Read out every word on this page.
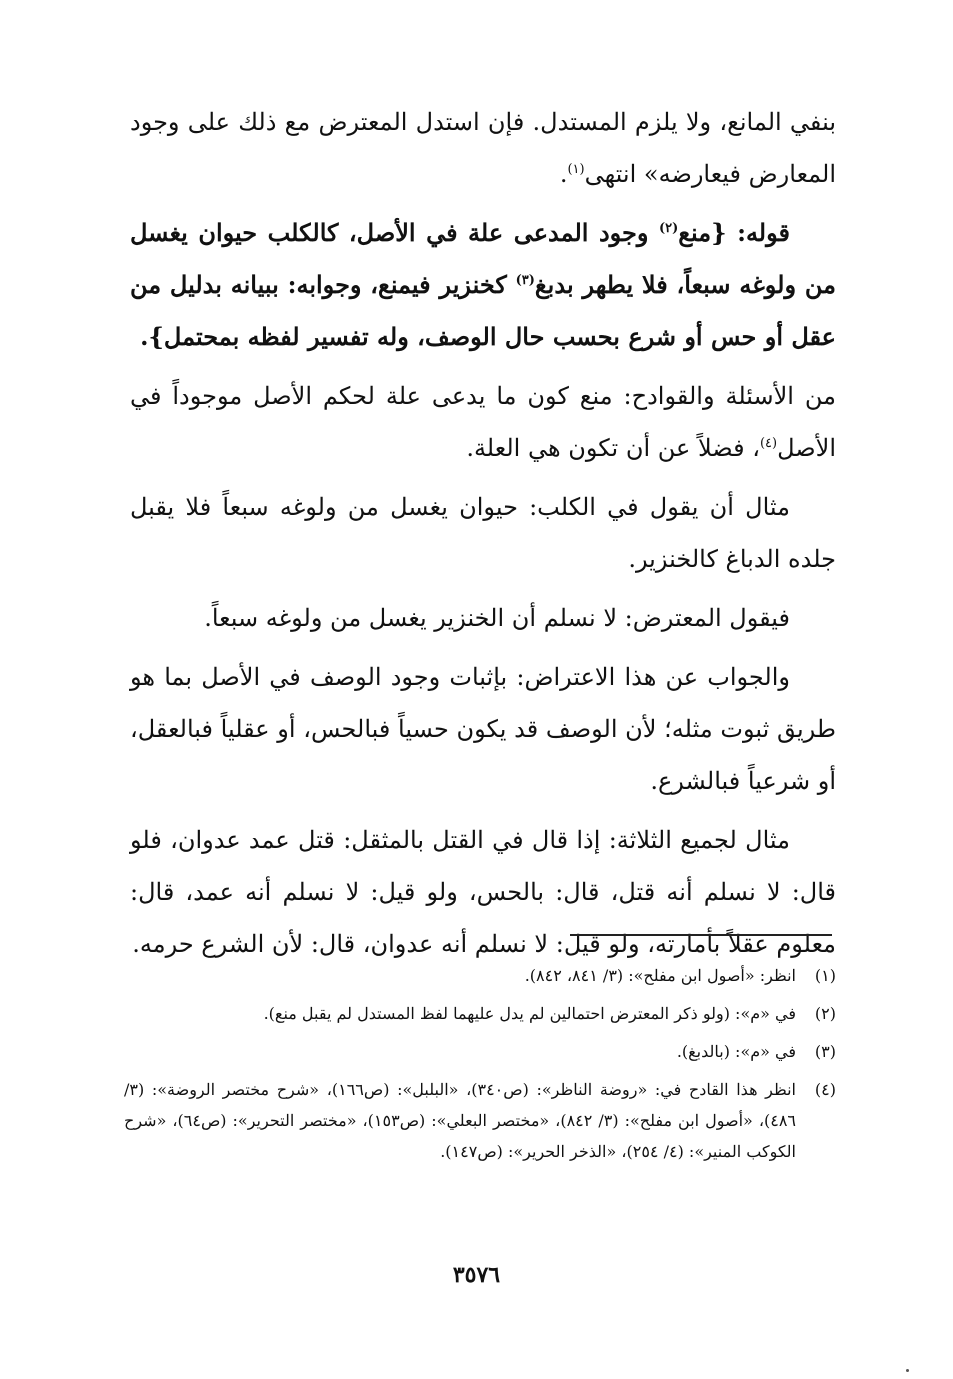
بنفي المانع، ولا يلزم المستدل. فإن استدل المعترض مع ذلك على وجود المعارض فيعارضه» انتهى$^{(١)}$.

قوله: {منع$^{(٢)}$ وجود المدعى علة في الأصل، كالكلب حيوان يغسل من ولوغه سبعاً، فلا يطهر بدبغ$^{(٣)}$ كخنزير فيمنع، وجوابه: ببيانه بدليل من عقل أو حس أو شرع بحسب حال الوصف، وله تفسير لفظه بمحتمل}.

من الأسئلة والقوادح: منع كون ما يدعى علة لحكم الأصل موجوداً في الأصل$^{(٤)}$، فضلاً عن أن تكون هي العلة.

مثال أن يقول في الكلب: حيوان يغسل من ولوغه سبعاً فلا يقبل جلده الدباغ كالخنزير.

فيقول المعترض: لا نسلم أن الخنزير يغسل من ولوغه سبعاً.

والجواب عن هذا الاعتراض: بإثبات وجود الوصف في الأصل بما هو طريق ثبوت مثله؛ لأن الوصف قد يكون حسياً فبالحس، أو عقلياً فبالعقل، أو شرعياً فبالشرع.

مثال لجميع الثلاثة: إذا قال في القتل بالمثقل: قتل عمد عدوان، فلو قال: لا نسلم أنه قتل، قال: بالحس، ولو قيل: لا نسلم أنه عمد، قال: معلوم عقلاً بأمارته، ولو قيل: لا نسلم أنه عدوان، قال: لأن الشرع حرمه.

(١)
انظر: «أصول ابن مفلح»: (٣/ ٨٤١، ٨٤٢).
(٢)
في «م»: (ولو ذكر المعترض احتمالين لم يدل عليهما لفظ المستدل لم يقبل منع).
(٣)
في «م»: (بالدبغ).
(٤)
انظر هذا القادح في: «روضة الناظر»: (ص٣٤٠)، «البلبل»: (ص١٦٦)، «شرح مختصر الروضة»: (٣/ ٤٨٦)، «أصول ابن مفلح»: (٣/ ٨٤٢)، «مختصر البعلي»: (ص١٥٣)، «مختصر التحرير»: (ص٦٤)، «شرح الكوكب المنير»: (٤/ ٢٥٤)، «الذخر الحرير»: (ص١٤٧).
٣٥٧٦
